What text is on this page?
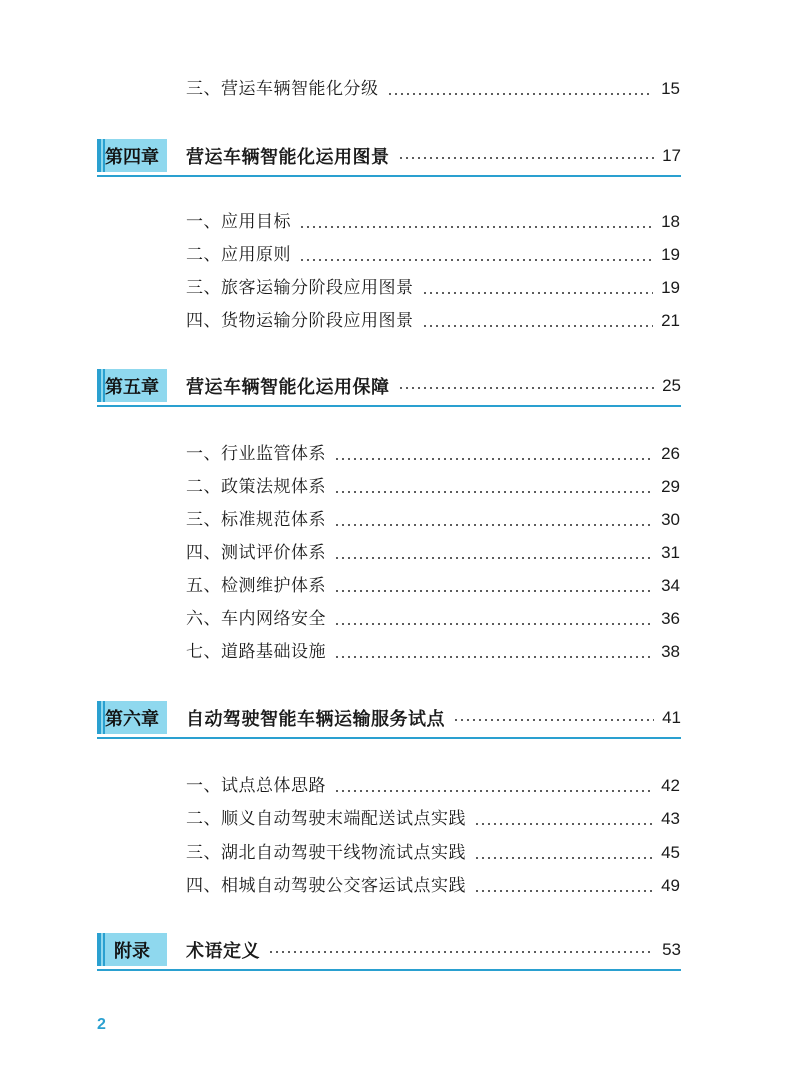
三、营运车辆智能化分级	15
第四章	营运车辆智能化运用图景	17
一、应用目标	18
二、应用原则	19
三、旅客运输分阶段应用图景	19
四、货物运输分阶段应用图景	21
第五章	营运车辆智能化运用保障	25
一、行业监管体系	26
二、政策法规体系	29
三、标准规范体系	30
四、测试评价体系	31
五、检测维护体系	34
六、车内网络安全	36
七、道路基础设施	38
第六章	自动驾驶智能车辆运输服务试点	41
一、试点总体思路	42
二、顺义自动驾驶末端配送试点实践	43
三、湖北自动驾驶干线物流试点实践	45
四、相城自动驾驶公交客运试点实践	49
附录	术语定义	53
2
